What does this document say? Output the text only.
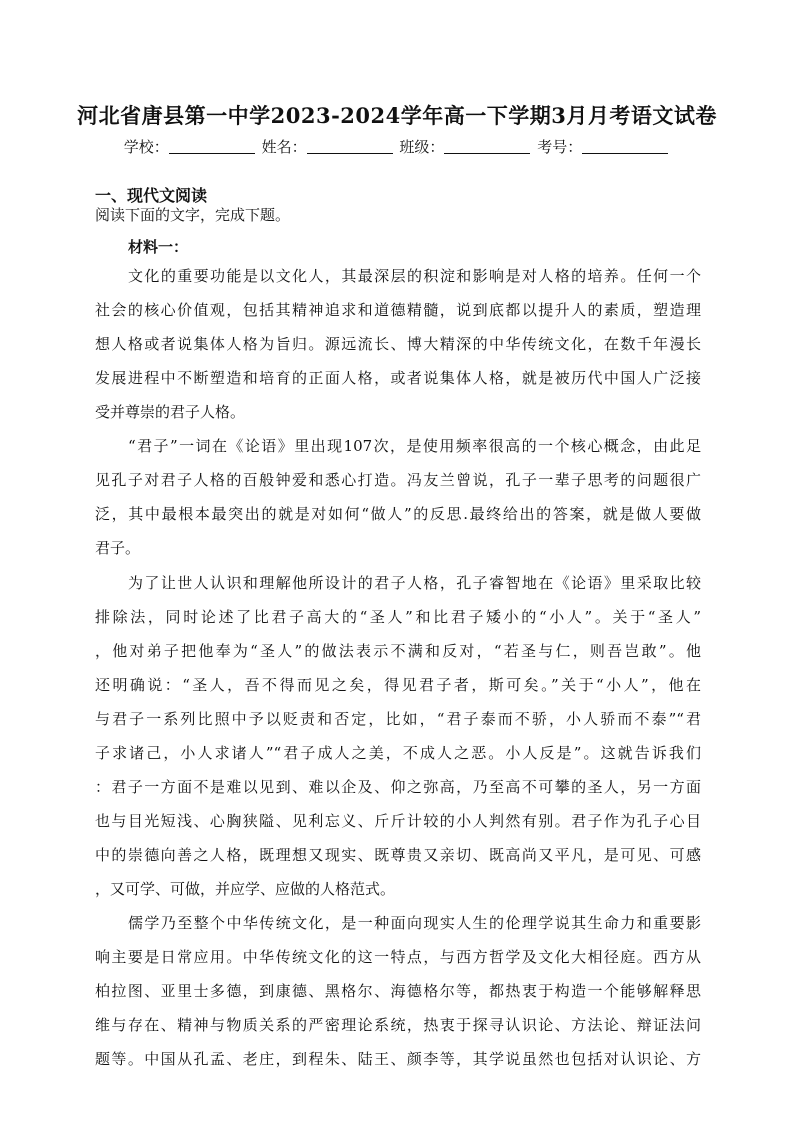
河北省唐县第一中学2023-2024学年高一下学期3月月考语文试卷
学校：	姓名：	班级：	考号：
一、现代文阅读
阅读下面的文字，完成下题。
材料一：
文化的重要功能是以文化人，其最深层的积淀和影响是对人格的培养。任何一个
社会的核心价值观，包括其精神追求和道德精髓，说到底都以提升人的素质，塑造理
想人格或者说集体人格为旨归。源远流长、博大精深的中华传统文化，在数千年漫长
发展进程中不断塑造和培育的正面人格，或者说集体人格，就是被历代中国人广泛接
受并尊崇的君子人格。
“君子”一词在《论语》里出现107次，是使用频率很高的一个核心概念，由此足
见孔子对君子人格的百般钟爱和悉心打造。冯友兰曾说，孔子一辈子思考的问题很广
泛，其中最根本最突出的就是对如何“做人”的反思.最终给出的答案，就是做人要做
君子。
为了让世人认识和理解他所设计的君子人格，孔子睿智地在《论语》里采取比较
排除法，同时论述了比君子高大的“圣人”和比君子矮小的“小人”。关于“圣人”
，他对弟子把他奉为“圣人”的做法表示不满和反对，“若圣与仁，则吾岂敢”。他
还明确说：“圣人，吾不得而见之矣，得见君子者，斯可矣。”关于“小人”，他在
与君子一系列比照中予以贬责和否定，比如，“君子泰而不骄，小人骄而不泰”“君
子求诸己，小人求诸人”“君子成人之美，不成人之恶。小人反是”。这就告诉我们
：君子一方面不是难以见到、难以企及、仰之弥高，乃至高不可攀的圣人，另一方面
也与目光短浅、心胸狭隘、见利忘义、斤斤计较的小人判然有别。君子作为孔子心目
中的崇德向善之人格，既理想又现实、既尊贵又亲切、既高尚又平凡，是可见、可感
，又可学、可做，并应学、应做的人格范式。
儒学乃至整个中华传统文化，是一种面向现实人生的伦理学说其生命力和重要影
响主要是日常应用。中华传统文化的这一特点，与西方哲学及文化大相径庭。西方从
柏拉图、亚里士多德，到康德、黑格尔、海德格尔等，都热衷于构造一个能够解释思
维与存在、精神与物质关系的严密理论系统，热衷于探寻认识论、方法论、辩证法问
题等。中国从孔孟、老庄，到程朱、陆王、颜李等，其学说虽然也包括对认识论、方
